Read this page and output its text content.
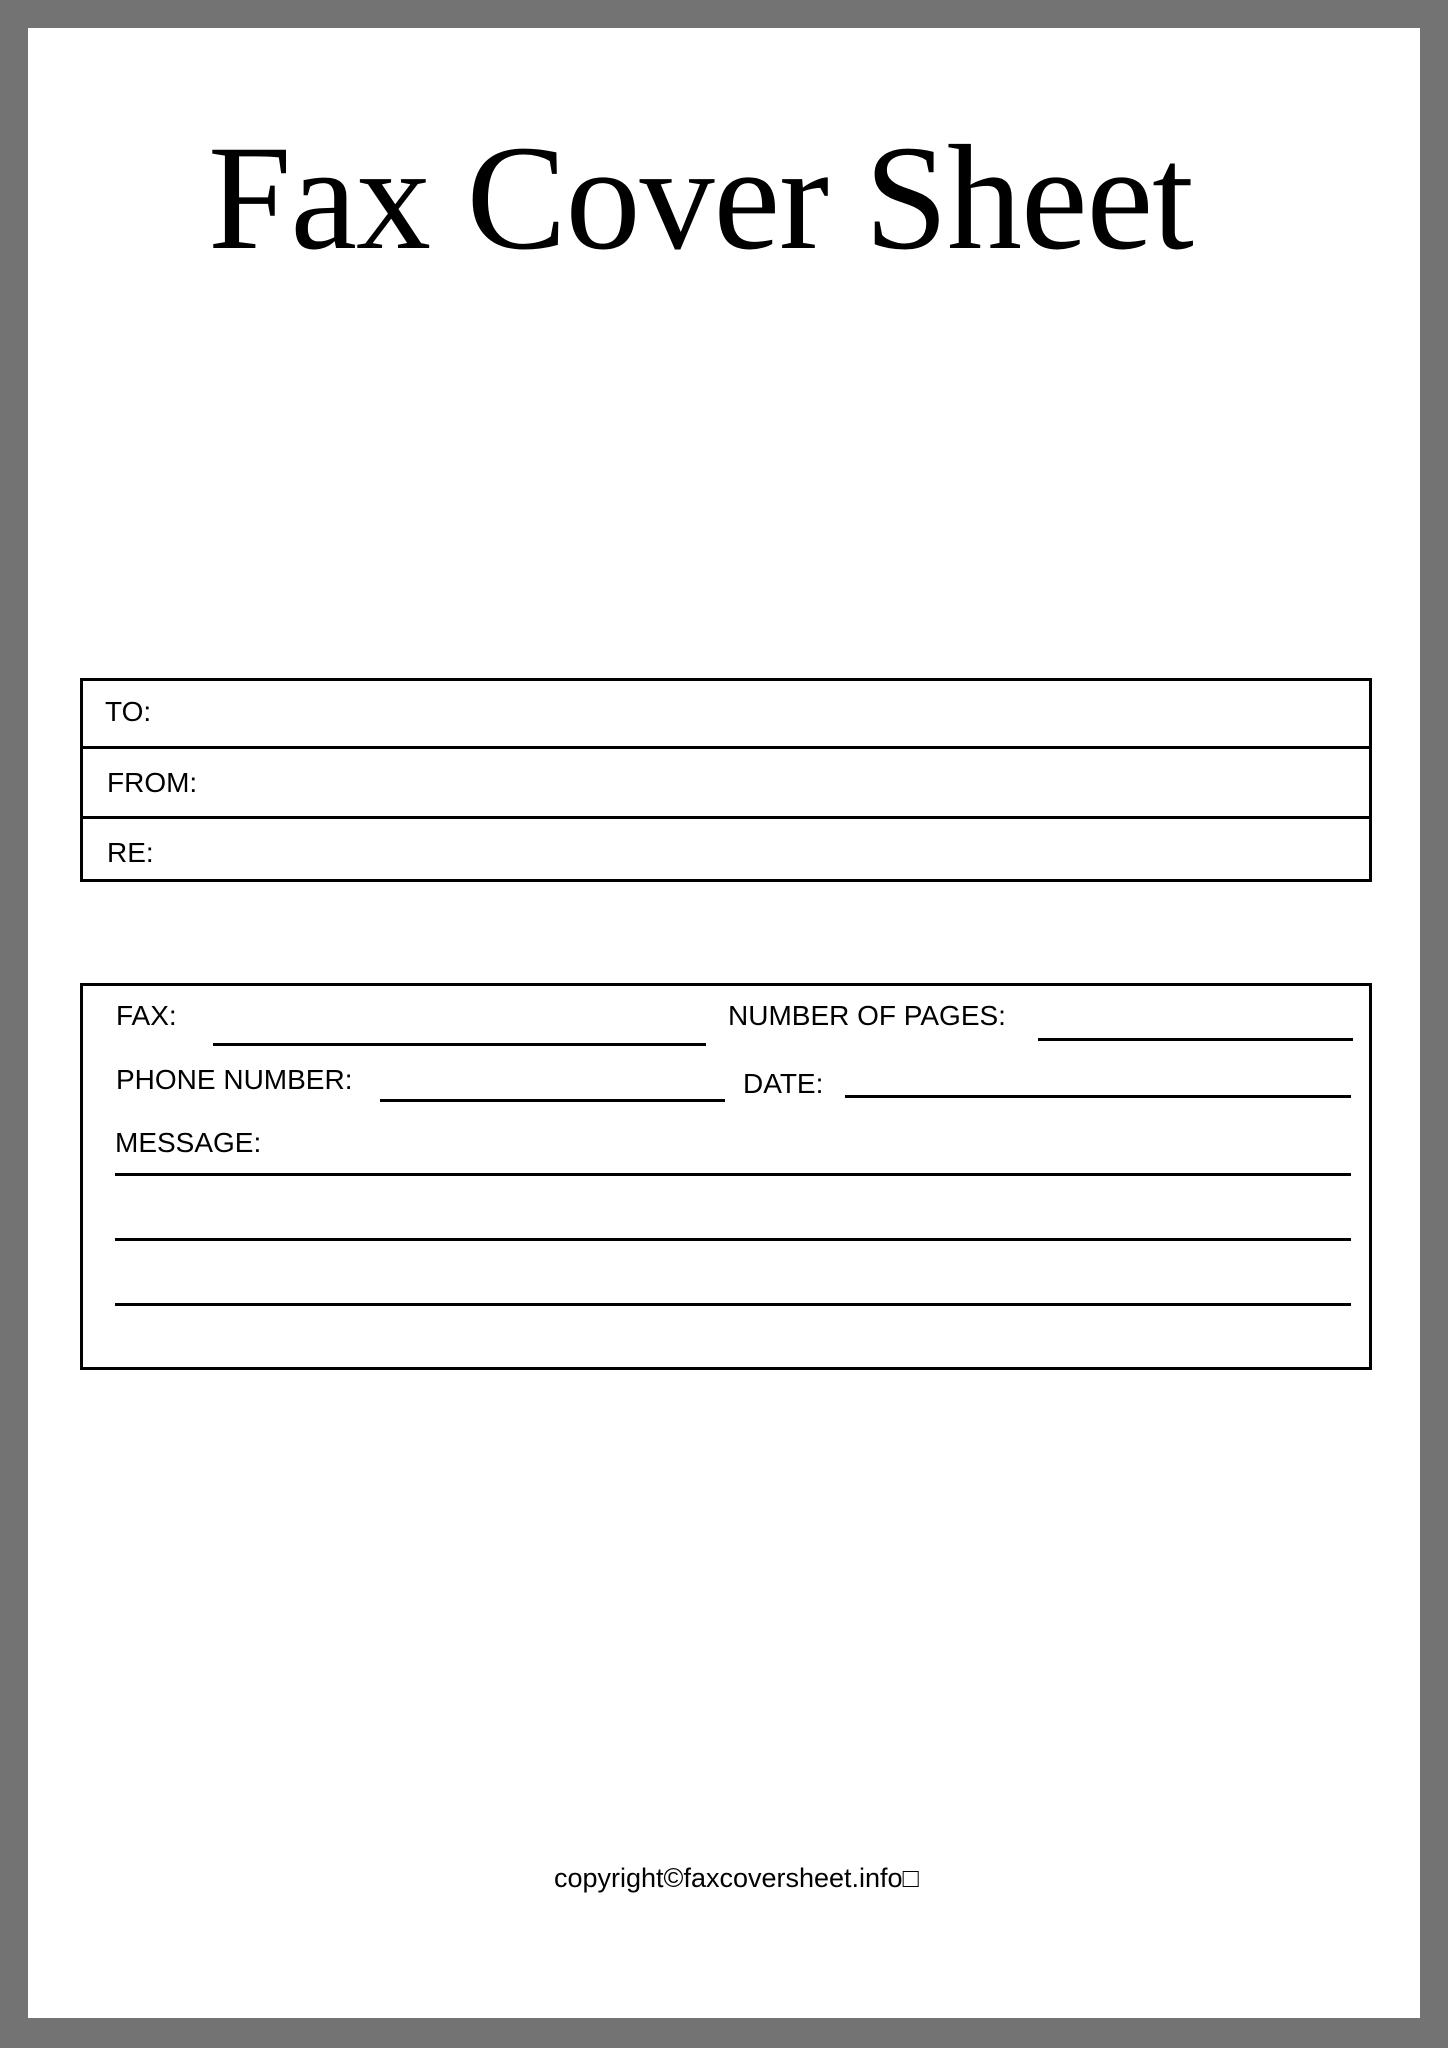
Fax Cover Sheet
TO:
FROM:
RE:
FAX:	NUMBER OF PAGES:
PHONE NUMBER:	DATE:
MESSAGE:
copyright©faxcoversheet.info□
